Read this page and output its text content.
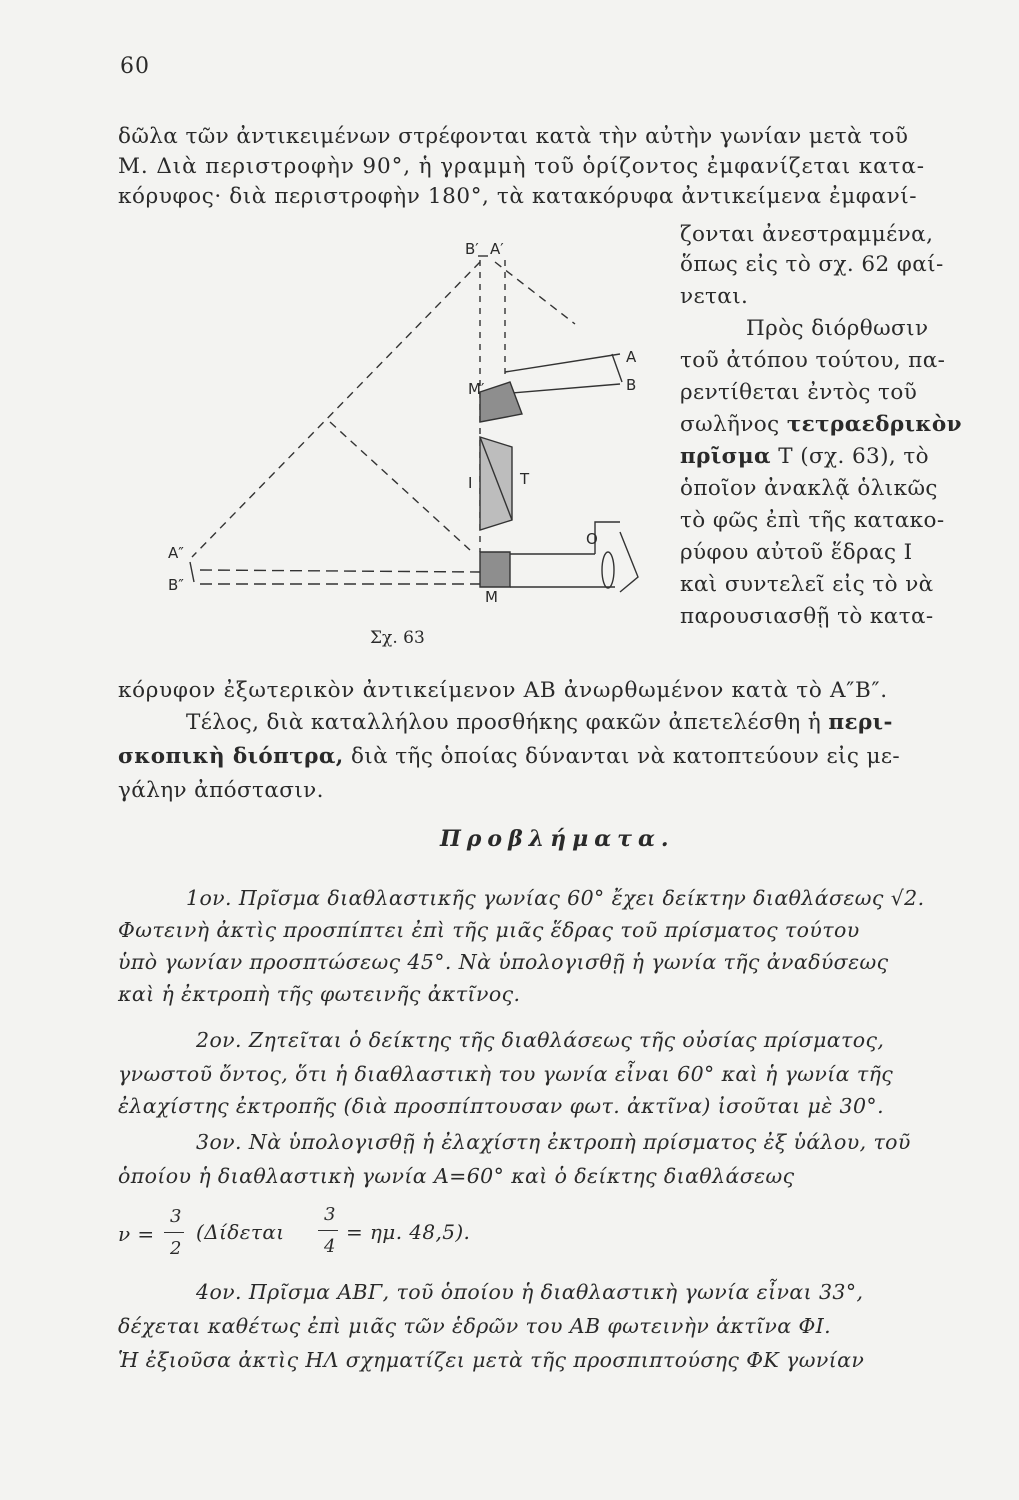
60
δῶλα τῶν ἀντικειμένων στρέφονται κατὰ τὴν αὐτὴν γωνίαν μετὰ τοῦ
Μ. Διὰ περιστροφὴν 90°, ἡ γραμμὴ τοῦ ὁρίζοντος ἐμφανίζεται κατα-
κόρυφος· διὰ περιστροφὴν 180°, τὰ κατακόρυφα ἀντικείμενα ἐμφανί-
ζονται ἀνεστραμμένα,
ὅπως εἰς τὸ σχ. 62 φαί-
νεται.
Πρὸς διόρθωσιν
τοῦ ἀτόπου τούτου, πα-
ρεντίθεται ἐντὸς τοῦ
σωλῆνος τετραεδρικὸν
πρῖσμα Τ (σχ. 63), τὸ
ὁποῖον ἀνακλᾷ ὁλικῶς
τὸ φῶς ἐπὶ τῆς κατακο-
ρύφου αὐτοῦ ἕδρας Ι
καὶ συντελεῖ εἰς τὸ νὰ
παρουσιασθῇ τὸ κατα-
Β′ Α′
Μ′
Α
Β
Ι	Τ
Α″
Β″
Μ
Ο
Σχ. 63
κόρυφον ἐξωτερικὸν ἀντικείμενον ΑΒ ἀνωρθωμένον κατὰ τὸ Α″Β″.
Τέλος, διὰ καταλλήλου προσθήκης φακῶν ἀπετελέσθη ἡ περι-
σκοπικὴ διόπτρα, διὰ τῆς ὁποίας δύνανται νὰ κατοπτεύουν εἰς με-
γάλην ἀπόστασιν.
Προβλήματα.
1ον. Πρῖσμα διαθλαστικῆς γωνίας 60° ἔχει δείκτην διαθλάσεως √2.
Φωτεινὴ ἀκτὶς προσπίπτει ἐπὶ τῆς μιᾶς ἕδρας τοῦ πρίσματος τούτου
ὑπὸ γωνίαν προσπτώσεως 45°. Νὰ ὑπολογισθῇ ἡ γωνία τῆς ἀναδύσεως
καὶ ἡ ἐκτροπὴ τῆς φωτεινῆς ἀκτῖνος.
2ον. Ζητεῖται ὁ δείκτης τῆς διαθλάσεως τῆς οὐσίας πρίσματος,
γνωστοῦ ὄντος, ὅτι ἡ διαθλαστικὴ του γωνία εἶναι 60° καὶ ἡ γωνία τῆς
ἐλαχίστης ἐκτροπῆς (διὰ προσπίπτουσαν φωτ. ἀκτῖνα) ἰσοῦται μὲ 30°.
3ον. Νὰ ὑπολογισθῇ ἡ ἐλαχίστη ἐκτροπὴ πρίσματος ἐξ ὑάλου, τοῦ
ὁποίου ἡ διαθλαστικὴ γωνία Α=60° καὶ ὁ δείκτης διαθλάσεως
ν =
3
2
(Δίδεται
3
4
= ημ. 48,5).
4ον. Πρῖσμα ΑΒΓ, τοῦ ὁποίου ἡ διαθλαστικὴ γωνία εἶναι 33°,
δέχεται καθέτως ἐπὶ μιᾶς τῶν ἑδρῶν του ΑΒ φωτεινὴν ἀκτῖνα ΦΙ.
Ἡ ἐξιοῦσα ἀκτὶς ΗΛ σχηματίζει μετὰ τῆς προσπιπτούσης ΦΚ γωνίαν
